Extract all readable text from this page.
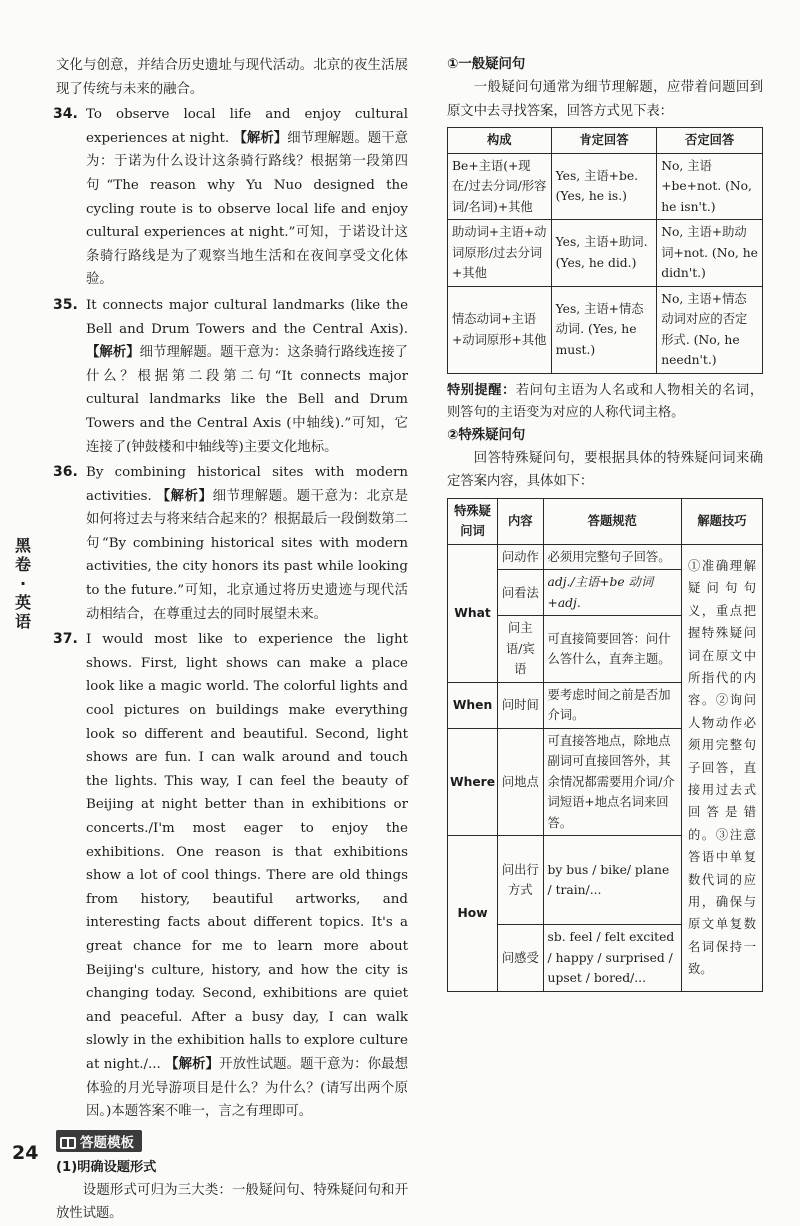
黑卷 · 英语
24

文化与创意，并结合历史遗址与现代活动。北京的夜生活展现了传统与未来的融合。

34. To observe local life and enjoy cultural experiences at night. 【解析】细节理解题。题干意为：于诺为什么设计这条骑行路线？根据第一段第四句“The reason why Yu Nuo designed the cycling route is to observe local life and enjoy cultural experiences at night.”可知，于诺设计这条骑行路线是为了观察当地生活和在夜间享受文化体验。
35. It connects major cultural landmarks (like the Bell and Drum Towers and the Central Axis). 【解析】细节理解题。题干意为：这条骑行路线连接了什么？根据第二段第二句“It connects major cultural landmarks like the Bell and Drum Towers and the Central Axis (中轴线).”可知，它连接了(钟鼓楼和中轴线等)主要文化地标。
36. By combining historical sites with modern activities. 【解析】细节理解题。题干意为：北京是如何将过去与将来结合起来的？根据最后一段倒数第二句“By combining historical sites with modern activities, the city honors its past while looking to the future.”可知，北京通过将历史遗迹与现代活动相结合，在尊重过去的同时展望未来。
37. I would most like to experience the light shows. First, light shows can make a place look like a magic world. The colorful lights and cool pictures on buildings make everything look so different and beautiful. Second, light shows are fun. I can walk around and touch the lights. This way, I can feel the beauty of Beijing at night better than in exhibitions or concerts./I'm most eager to enjoy the exhibitions. One reason is that exhibitions show a lot of cool things. There are old things from history, beautiful artworks, and interesting facts about different topics. It's a great chance for me to learn more about Beijing's culture, history, and how the city is changing today. Second, exhibitions are quiet and peaceful. After a busy day, I can walk slowly in the exhibition halls to explore culture at night./... 【解析】开放性试题。题干意为：你最想体验的月光导游项目是什么？为什么？(请写出两个原因。)本题答案不唯一，言之有理即可。
答题模板

(1)明确设题形式

设题形式可归为三大类：一般疑问句、特殊疑问句和开放性试题。

①一般疑问句

一般疑问句通常为细节理解题，应带着问题回到原文中去寻找答案，回答方式见下表：

构成	肯定回答	否定回答
Be+主语(+现在/过去分词/形容词/名词)+其他	Yes, 主语+be. (Yes, he is.)	No, 主语+be+not. (No, he isn't.)
助动词+主语+动词原形/过去分词+其他	Yes, 主语+助词. (Yes, he did.)	No, 主语+助动词+not. (No, he didn't.)
情态动词+主语+动词原形+其他	Yes, 主语+情态动词. (Yes, he must.)	No, 主语+情态动词对应的否定形式. (No, he needn't.)

特别提醒：若问句主语为人名或和人物相关的名词，则答句的主语变为对应的人称代词主格。

②特殊疑问句

回答特殊疑问句，要根据具体的特殊疑问词来确定答案内容，具体如下：

特殊疑问词	内容	答题规范	解题技巧
What	问动作	必须用完整句子回答。	①准确理解疑问句句义，重点把握特殊疑问词在原文中所指代的内容。②询问人物动作必须用完整句子回答，直接用过去式回答是错的。③注意答语中单复数代词的应用，确保与原文单复数名词保持一致。
	问看法	adj./主语+be 动词+adj.	
	问主语/宾语	可直接简要回答：问什么答什么，直奔主题。	
When	问时间	要考虑时间之前是否加介词。	
Where	问地点	可直接答地点，除地点副词可直接回答外，其余情况都需要用介词/介词短语+地点名词来回答。	
How	问出行方式	by bus / bike/ plane / train/...	
	问感受	sb. feel / felt excited / happy / surprised / upset / bored/...	
